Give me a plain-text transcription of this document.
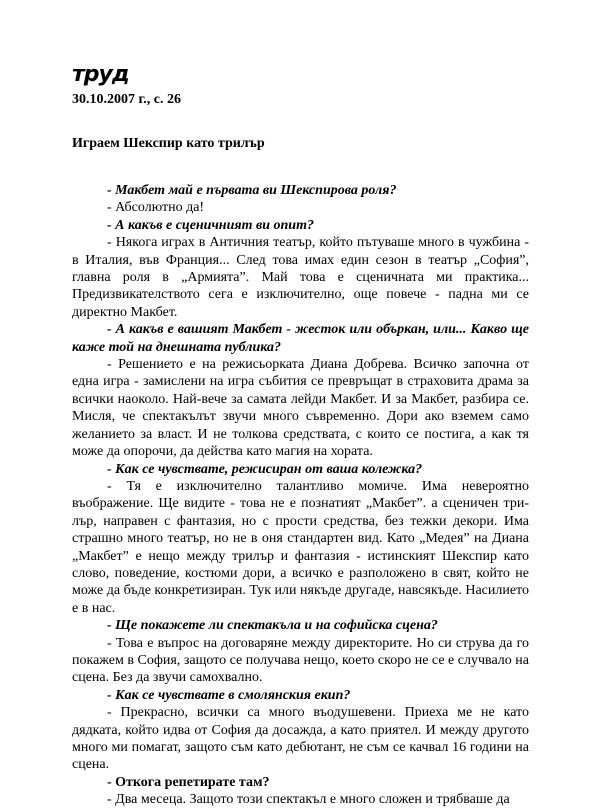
труд
30.10.2007 г., с. 26
Играем Шекспир като трилър

- Макбет май е първата ви Шекспирова роля?

- Абсолютно да!

- А какъв е сценичният ви опит?

- Някога играх в Античния театър, който пътуваше много в чужбина - в Италия, във Франция... След това имах един сезон в театър „София”, главна роля в „Армията”. Май това е сценичната ми практика... Предизвикателството сега е изключително, още повече - падна ми се директно Макбет.

- А какъв е вашият Макбет - жесток или объркан, или... Какво ще каже той на днешната публика?

- Решението е на режисьорката Диана Добрева. Всичко започна от една игра - замислени на игра събития се превръщат в страховита драма за всички наоколо. Най-вече за самата лейди Макбет. И за Макбет, разбира се. Мисля, че спектакълът звучи много съвременно. Дори ако вземем само желанието за власт. И не толкова средствата, с които се постига, а как тя може да опорочи, да действа като магия на хората.

- Как се чувствате, режисиран от ваша колежка?

- Тя е изключително талантливо момиче. Има невероятно въображение. Ще видите - това не е познатият „Макбет”. а сценичен три-лър, направен с фантазия, но с прости средства, без тежки декори. Има страшно много театър, но не в оня стандартен вид. Като „Медея” на Диана „Макбет” е нещо между трилър и фантазия - истинският Шекспир като слово, поведение, костюми дори, а всичко е разположено в свят, който не може да бъде конкретизиран. Тук или някъде другаде, навсякъде. Насилието е в нас.

- Ще покажете ли спектакъла и на софийска сцена?

- Това е въпрос на договаряне между директорите. Но си струва да го покажем в София, защото се получава нещо, което скоро не се е случвало на сцена. Без да звучи самохвално.

- Как се чувствате в смолянския екип?

- Прекрасно, всички са много въодушевени. Приеха ме не като дядката, който идва от София да досажда, а като приятел. И между другото много ми помагат, защото съм като дебютант, не съм се качвал 16 години на сцена.

- Откога репетирате там?

- Два месеца. Защото този спектакъл е много сложен и трябваше да
